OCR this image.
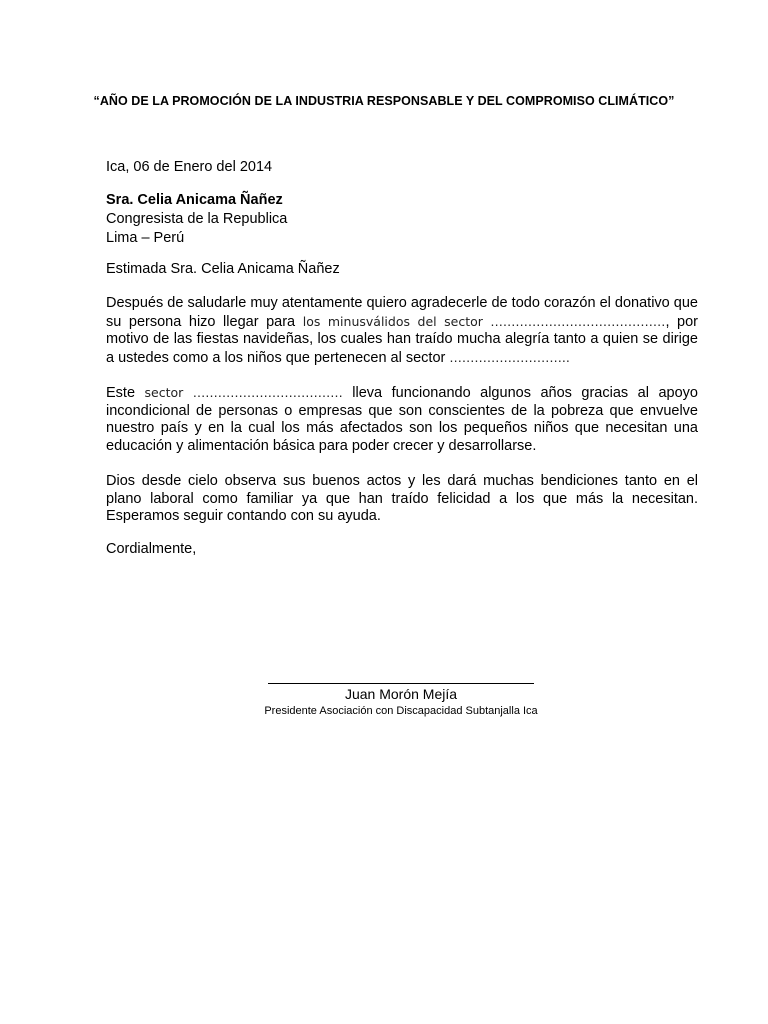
“AÑO DE LA PROMOCIÓN DE LA INDUSTRIA RESPONSABLE Y DEL COMPROMISO CLIMÁTICO”
Ica, 06 de Enero del 2014
Sra. Celia Anicama Ñañez
Congresista de la Republica
Lima – Perú
Estimada Sra. Celia Anicama Ñañez

Después de saludarle muy atentamente quiero agradecerle de todo corazón el donativo que su persona hizo llegar para los minusválidos del sector ……………………………………, por motivo de las fiestas navideñas, los cuales han traído mucha alegría tanto a quien se dirige a ustedes como a los niños que pertenecen al sector ………………………..

Este sector ……………………………… lleva funcionando algunos años gracias al apoyo incondicional de personas o empresas que son conscientes de la pobreza que envuelve nuestro país y en la cual los más afectados son los pequeños niños que necesitan una educación y alimentación básica para poder crecer y desarrollarse.

Dios desde cielo observa sus buenos actos y les dará muchas bendiciones tanto en el plano laboral como familiar ya que han traído felicidad a los que más la necesitan. Esperamos seguir contando con su ayuda.

Cordialmente,
Juan Morón Mejía
Presidente Asociación con Discapacidad Subtanjalla Ica
